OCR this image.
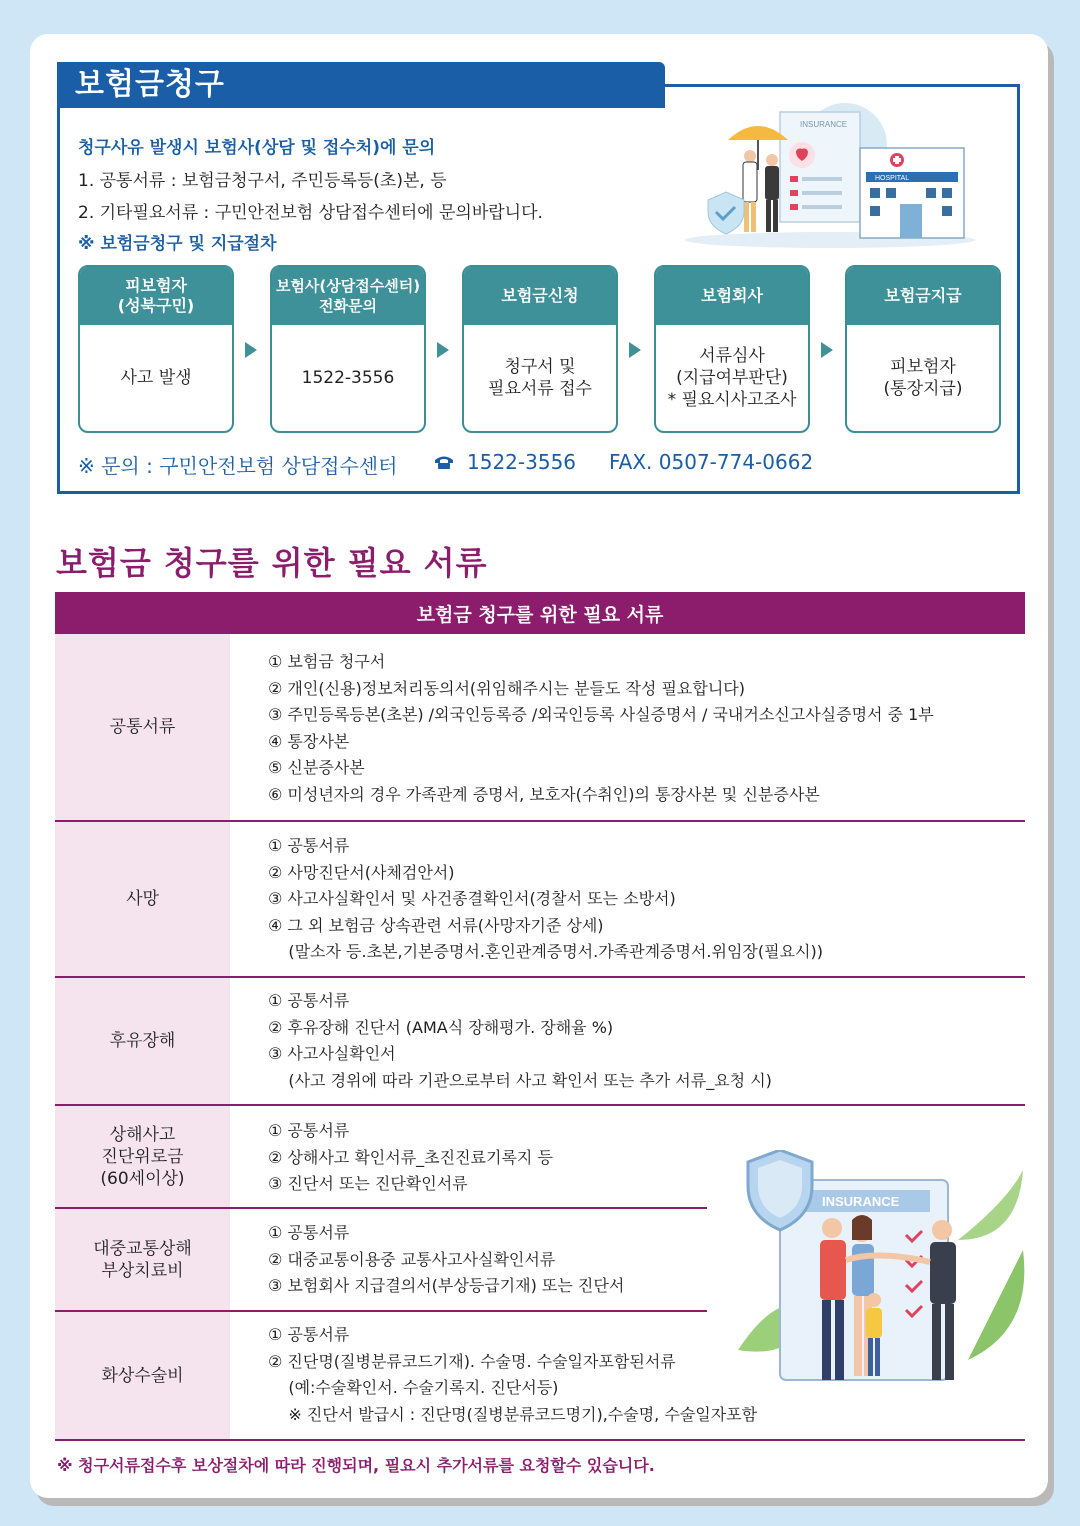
보험금청구
청구사유 발생시 보험사(상담 및 접수처)에 문의
1. 공통서류 : 보험금청구서, 주민등록등(초)본, 등
2. 기타필요서류 : 구민안전보험 상담접수센터에 문의바랍니다.
※ 보험금청구 및 지급절차
INSURANCE
HOSPITAL
피보험자
(성북구민)
사고 발생
보험사(상담접수센터)
전화문의
1522-3556
보험금신청
청구서 및
필요서류 접수
보험회사
서류심사
(지급여부판단)
* 필요시사고조사
보험금지급
피보험자
(통장지급)
※ 문의 : 구민안전보험 상담접수센터	1522-3556 FAX. 0507-774-0662
보험금 청구를 위한 필요 서류
보험금 청구를 위한 필요 서류
공통서류
① 보험금 청구서
② 개인(신용)정보처리동의서(위임해주시는 분들도 작성 필요합니다)
③ 주민등록등본(초본) /외국인등록증 /외국인등록 사실증명서 / 국내거소신고사실증명서 중 1부
④ 통장사본
⑤ 신분증사본
⑥ 미성년자의 경우 가족관계 증명서, 보호자(수취인)의 통장사본 및 신분증사본
사망
① 공통서류
② 사망진단서(사체검안서)
③ 사고사실확인서 및 사건종결확인서(경찰서 또는 소방서)
④ 그 외 보험금 상속관련 서류(사망자기준 상세)
(말소자 등.초본,기본증명서.혼인관계증명서.가족관계증명서.위임장(필요시))
후유장해
① 공통서류
② 후유장해 진단서 (AMA식 장해평가. 장해율 %)
③ 사고사실확인서
(사고 경위에 따라 기관으로부터 사고 확인서 또는 추가 서류_요청 시)
상해사고
진단위로금
(60세이상)
① 공통서류
② 상해사고 확인서류_초진진료기록지 등
③ 진단서 또는 진단확인서류
대중교통상해
부상치료비
① 공통서류
② 대중교통이용중 교통사고사실확인서류
③ 보험회사 지급결의서(부상등급기재) 또는 진단서
화상수술비
① 공통서류
② 진단명(질병분류코드기재). 수술명. 수술일자포함된서류
(예:수술확인서. 수술기록지. 진단서등)
※ 진단서 발급시 : 진단명(질병분류코드명기),수술명, 수술일자포함
INSURANCE
※ 청구서류접수후 보상절차에 따라 진행되며, 필요시 추가서류를 요청할수 있습니다.
